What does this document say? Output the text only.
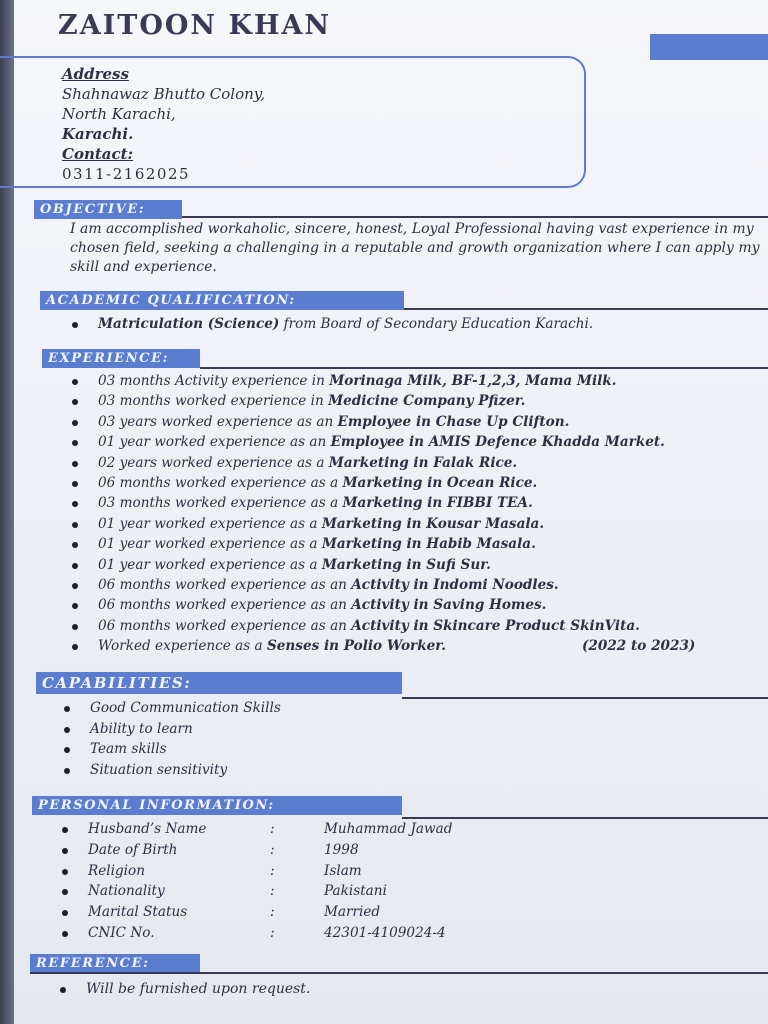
ZAITOON KHAN
Address
Shahnawaz Bhutto Colony,
North Karachi,
Karachi.
Contact:
0311-2162025
OBJECTIVE:

I am accomplished workaholic, sincere, honest, Loyal Professional having vast experience in my chosen field, seeking a challenging in a reputable and growth organization where I can apply my skill and experience.

ACADEMIC QUALIFICATION:
Matriculation (Science) from Board of Secondary Education Karachi.
EXPERIENCE:
03 months Activity experience in Morinaga Milk, BF-1,2,3, Mama Milk.
03 months worked experience in Medicine Company Pfizer.
03 years worked experience as an Employee in Chase Up Clifton.
01 year worked experience as an Employee in AMIS Defence Khadda Market.
02 years worked experience as a Marketing in Falak Rice.
06 months worked experience as a Marketing in Ocean Rice.
03 months worked experience as a Marketing in FIBBI TEA.
01 year worked experience as a Marketing in Kousar Masala.
01 year worked experience as a Marketing in Habib Masala.
01 year worked experience as a Marketing in Sufi Sur.
06 months worked experience as an Activity in Indomi Noodles.
06 months worked experience as an Activity in Saving Homes.
06 months worked experience as an Activity in Skincare Product SkinVita.
Worked experience as a Senses in Polio Worker.	(2022 to 2023)
CAPABILITIES:
Good Communication Skills
Ability to learn
Team skills
Situation sensitivity
PERSONAL INFORMATION:
Husband’s Name	:	Muhammad Jawad
Date of Birth	:	1998
Religion	:	Islam
Nationality	:	Pakistani
Marital Status	:	Married
CNIC No.	:	42301-4109024-4
REFERENCE:
Will be furnished upon request.
